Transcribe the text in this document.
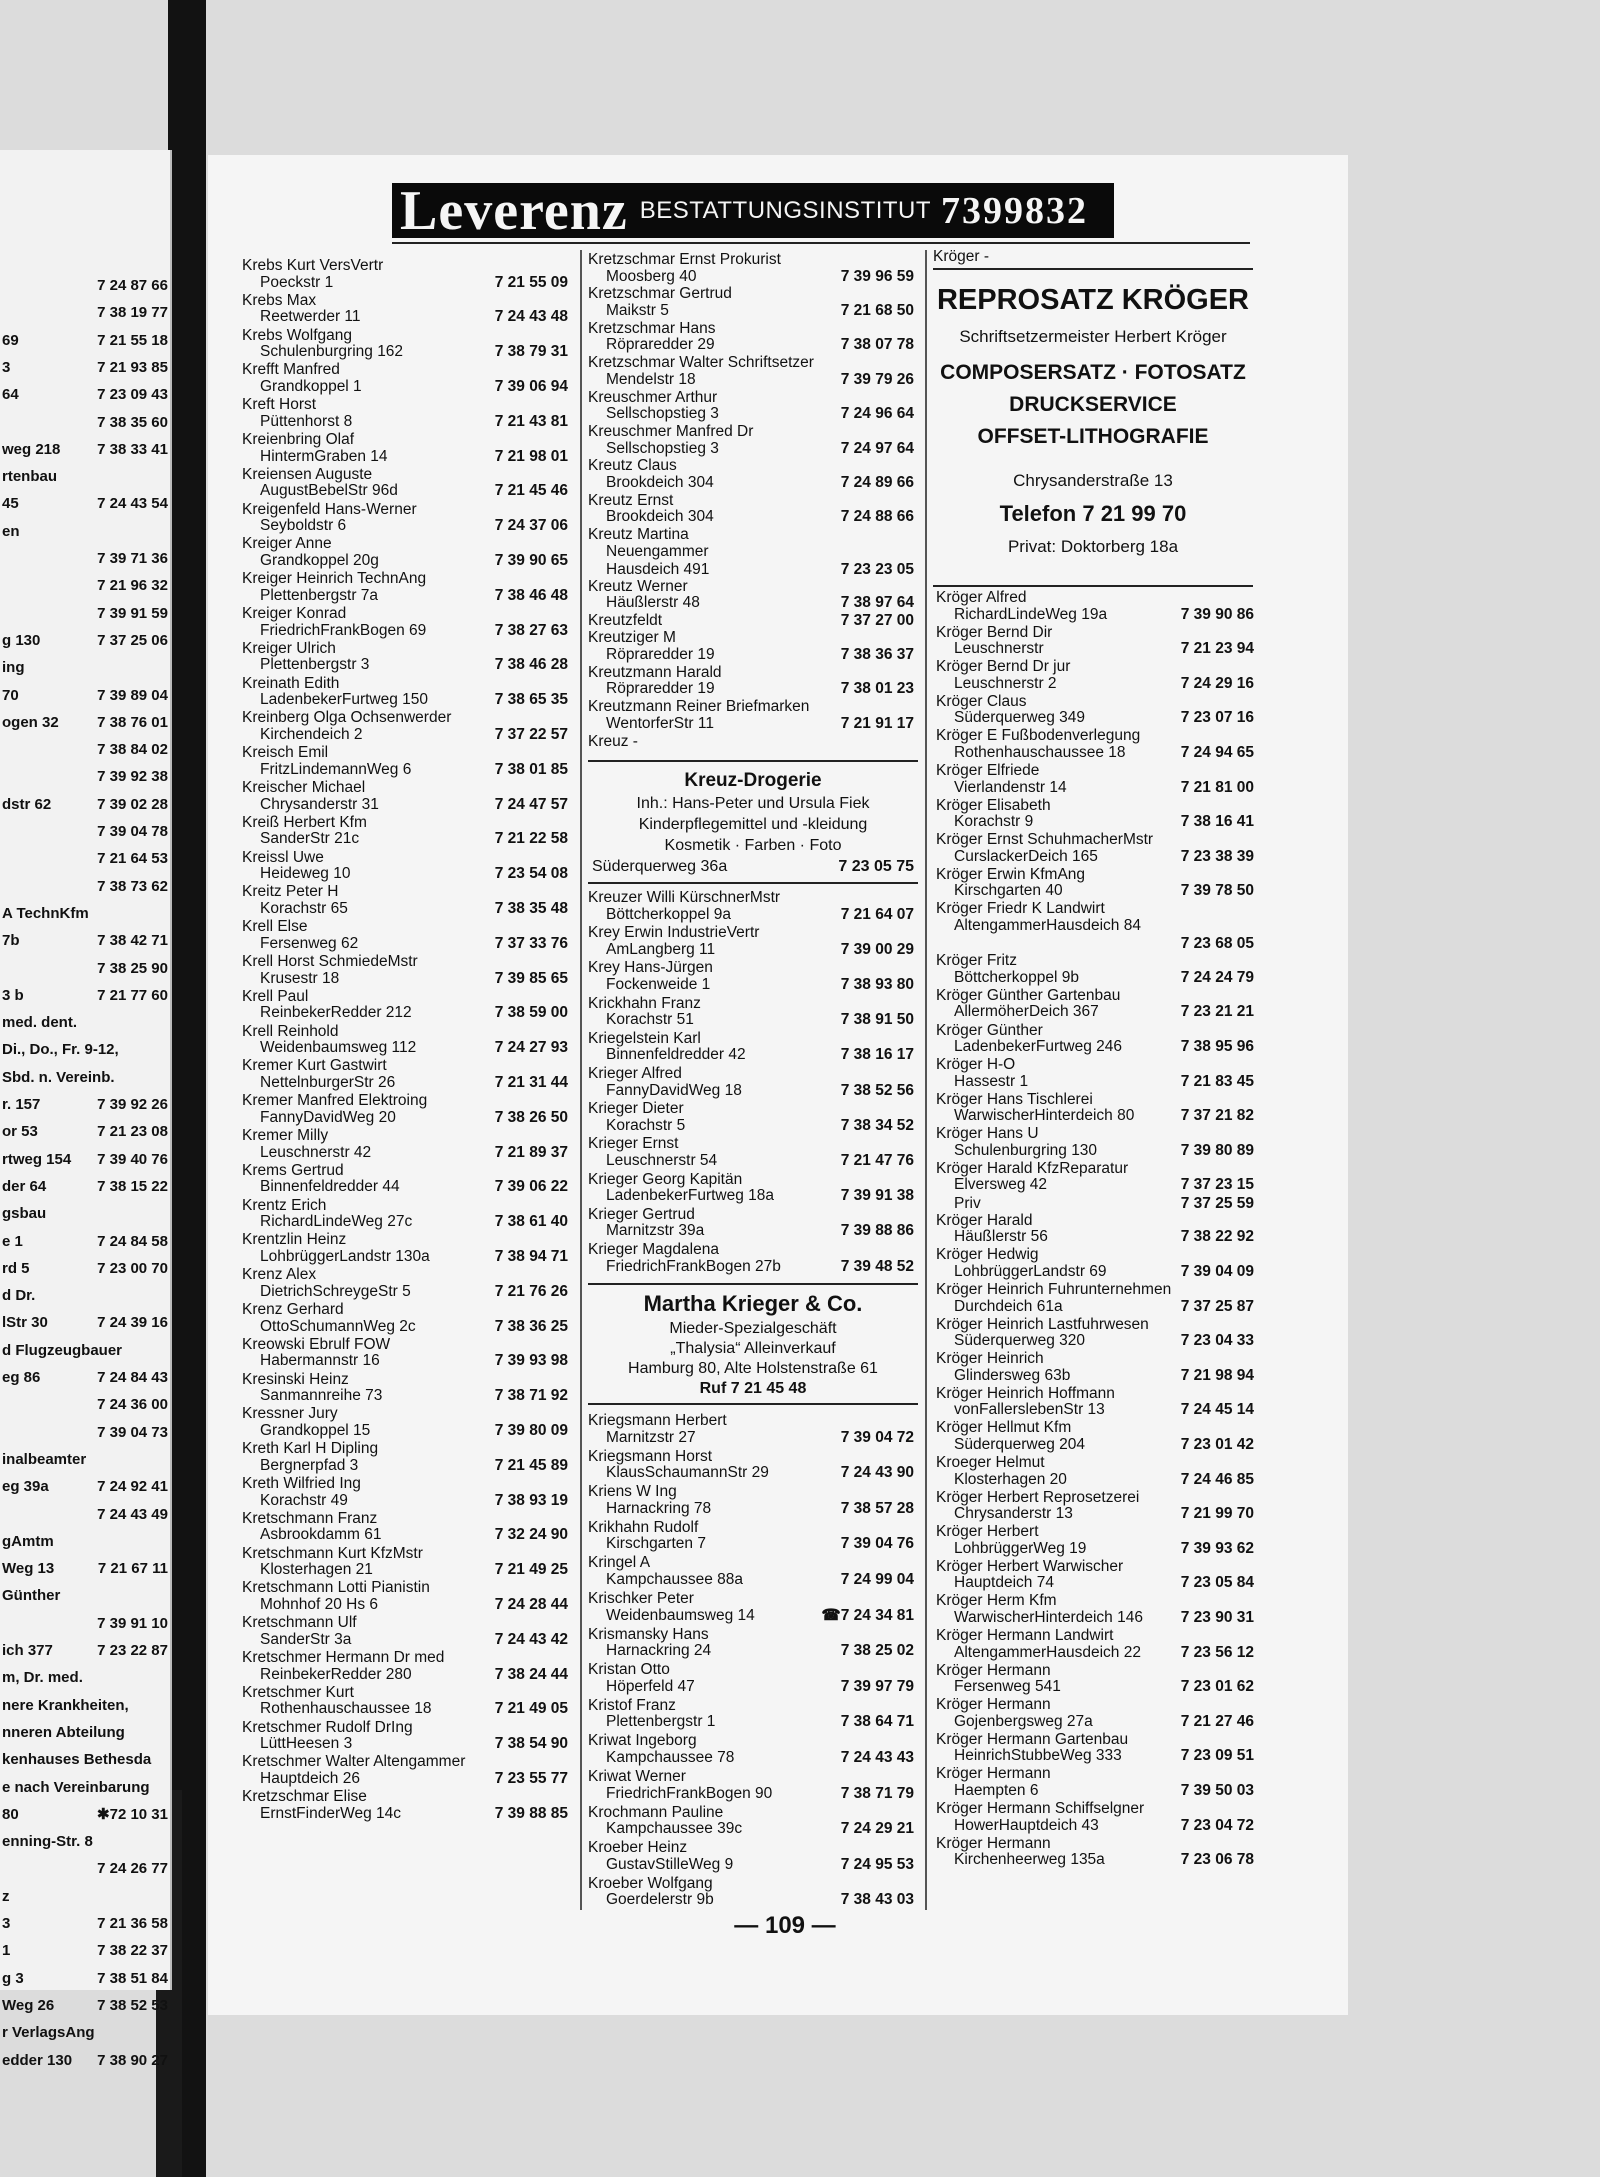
7 24 87 66
7 38 19 77
69	7 21 55 18
3	7 21 93 85
64	7 23 09 43
7 38 35 60
weg 218 7 38 33 41
rtenbau
45	7 24 43 54
en
7 39 71 36
7 21 96 32
7 39 91 59
g 130	7 37 25 06
ing
70	7 39 89 04
ogen 32	7 38 76 01
7 38 84 02
7 39 92 38
dstr 62	7 39 02 28
7 39 04 78
7 21 64 53
7 38 73 62
A TechnKfm
7b	7 38 42 71
7 38 25 90
3 b	7 21 77 60
med. dent.
Di., Do., Fr. 9-12,
Sbd. n. Vereinb.
r. 157	7 39 92 26
or 53	7 21 23 08
rtweg 154 7 39 40 76
der 64	7 38 15 22
gsbau
e 1	7 24 84 58
rd 5	7 23 00 70
d Dr.
lStr 30	7 24 39 16
d Flugzeugbauer
eg 86	7 24 84 43
7 24 36 00
7 39 04 73
inalbeamter
eg 39a	7 24 92 41
7 24 43 49
gAmtm
Weg 13	7 21 67 11
Günther
7 39 91 10
ich 377	7 23 22 87
m, Dr. med.
nere Krankheiten,
nneren Abteilung
kenhauses Bethesda
e nach Vereinbarung
80	✱72 10 31
enning-Str. 8
7 24 26 77
z
3	7 21 36 58
1	7 38 22 37
g 3	7 38 51 84
Weg 26	7 38 52 53
r VerlagsAng
edder 130 7 38 90 27
Leverenz BESTATTUNGSINSTITUT 7399832
Krebs Kurt VersVertr
Poeckstr 1	7 21 55 09
Krebs Max
Reetwerder 11	7 24 43 48
Krebs Wolfgang
Schulenburgring 162	7 38 79 31
Krefft Manfred
Grandkoppel 1	7 39 06 94
Kreft Horst
Püttenhorst 8	7 21 43 81
Kreienbring Olaf
HintermGraben 14	7 21 98 01
Kreiensen Auguste
AugustBebelStr 96d	7 21 45 46
Kreigenfeld Hans-Werner
Seyboldstr 6	7 24 37 06
Kreiger Anne
Grandkoppel 20g	7 39 90 65
Kreiger Heinrich TechnAng
Plettenbergstr 7a	7 38 46 48
Kreiger Konrad
FriedrichFrankBogen 69	7 38 27 63
Kreiger Ulrich
Plettenbergstr 3	7 38 46 28
Kreinath Edith
LadenbekerFurtweg 150	7 38 65 35
Kreinberg Olga Ochsenwerder
Kirchendeich 2	7 37 22 57
Kreisch Emil
FritzLindemannWeg 6	7 38 01 85
Kreischer Michael
Chrysanderstr 31	7 24 47 57
Kreiß Herbert Kfm
SanderStr 21c	7 21 22 58
Kreissl Uwe
Heideweg 10	7 23 54 08
Kreitz Peter H
Korachstr 65	7 38 35 48
Krell Else
Fersenweg 62	7 37 33 76
Krell Horst SchmiedeMstr
Krusestr 18	7 39 85 65
Krell Paul
ReinbekerRedder 212	7 38 59 00
Krell Reinhold
Weidenbaumsweg 112	7 24 27 93
Kremer Kurt Gastwirt
NettelnburgerStr 26	7 21 31 44
Kremer Manfred Elektroing
FannyDavidWeg 20	7 38 26 50
Kremer Milly
Leuschnerstr 42	7 21 89 37
Krems Gertrud
Binnenfeldredder 44	7 39 06 22
Krentz Erich
RichardLindeWeg 27c	7 38 61 40
Krentzlin Heinz
LohbrüggerLandstr 130a	7 38 94 71
Krenz Alex
DietrichSchreygeStr 5	7 21 76 26
Krenz Gerhard
OttoSchumannWeg 2c	7 38 36 25
Kreowski Ebrulf FOW
Habermannstr 16	7 39 93 98
Kresinski Heinz
Sanmannreihe 73	7 38 71 92
Kressner Jury
Grandkoppel 15	7 39 80 09
Kreth Karl H Dipling
Bergnerpfad 3	7 21 45 89
Kreth Wilfried Ing
Korachstr 49	7 38 93 19
Kretschmann Franz
Asbrookdamm 61	7 32 24 90
Kretschmann Kurt KfzMstr
Klosterhagen 21	7 21 49 25
Kretschmann Lotti Pianistin
Mohnhof 20 Hs 6	7 24 28 44
Kretschmann Ulf
SanderStr 3a	7 24 43 42
Kretschmer Hermann Dr med
ReinbekerRedder 280	7 38 24 44
Kretschmer Kurt
Rothenhauschaussee 18	7 21 49 05
Kretschmer Rudolf DrIng
LüttHeesen 3	7 38 54 90
Kretschmer Walter Altengammer
Hauptdeich 26	7 23 55 77
Kretzschmar Elise
ErnstFinderWeg 14c	7 39 88 85
Kretzschmar Ernst Prokurist
Moosberg 40	7 39 96 59
Kretzschmar Gertrud
Maikstr 5	7 21 68 50
Kretzschmar Hans
Röpraredder 29	7 38 07 78
Kretzschmar Walter Schriftsetzer
Mendelstr 18	7 39 79 26
Kreuschmer Arthur
Sellschopstieg 3	7 24 96 64
Kreuschmer Manfred Dr
Sellschopstieg 3	7 24 97 64
Kreutz Claus
Brookdeich 304	7 24 89 66
Kreutz Ernst
Brookdeich 304	7 24 88 66
Kreutz Martina
Neuengammer
Hausdeich 491	7 23 23 05
Kreutz Werner
Häußlerstr 48	7 38 97 64
Kreutzfeldt	7 37 27 00
Kreutziger M
Röpraredder 19	7 38 36 37
Kreutzmann Harald
Röpraredder 19	7 38 01 23
Kreutzmann Reiner Briefmarken
WentorferStr 11	7 21 91 17
Kreuz -
Kreuz-Drogerie
Inh.: Hans-Peter und Ursula Fiek
Kinderpflegemittel und -kleidung
Kosmetik · Farben · Foto
Süderquerweg 36a	7 23 05 75
Kreuzer Willi KürschnerMstr
Böttcherkoppel 9a	7 21 64 07
Krey Erwin IndustrieVertr
AmLangberg 11	7 39 00 29
Krey Hans-Jürgen
Fockenweide 1	7 38 93 80
Krickhahn Franz
Korachstr 51	7 38 91 50
Kriegelstein Karl
Binnenfeldredder 42	7 38 16 17
Krieger Alfred
FannyDavidWeg 18	7 38 52 56
Krieger Dieter
Korachstr 5	7 38 34 52
Krieger Ernst
Leuschnerstr 54	7 21 47 76
Krieger Georg Kapitän
LadenbekerFurtweg 18a	7 39 91 38
Krieger Gertrud
Marnitzstr 39a	7 39 88 86
Krieger Magdalena
FriedrichFrankBogen 27b	7 39 48 52
Martha Krieger & Co.
Mieder-Spezialgeschäft
„Thalysia“ Alleinverkauf
Hamburg 80, Alte Holstenstraße 61
Ruf 7 21 45 48
Kriegsmann Herbert
Marnitzstr 27	7 39 04 72
Kriegsmann Horst
KlausSchaumannStr 29	7 24 43 90
Kriens W Ing
Harnackring 78	7 38 57 28
Krikhahn Rudolf
Kirschgarten 7	7 39 04 76
Kringel A
Kampchaussee 88a	7 24 99 04
Krischker Peter
Weidenbaumsweg 14	☎7 24 34 81
Krismansky Hans
Harnackring 24	7 38 25 02
Kristan Otto
Höperfeld 47	7 39 97 79
Kristof Franz
Plettenbergstr 1	7 38 64 71
Kriwat Ingeborg
Kampchaussee 78	7 24 43 43
Kriwat Werner
FriedrichFrankBogen 90	7 38 71 79
Krochmann Pauline
Kampchaussee 39c	7 24 29 21
Kroeber Heinz
GustavStilleWeg 9	7 24 95 53
Kroeber Wolfgang
Goerdelerstr 9b	7 38 43 03
Kröger -
REPROSATZ KRÖGER
Schriftsetzermeister Herbert Kröger
COMPOSERSATZ · FOTOSATZ
DRUCKSERVICE
OFFSET-LITHOGRAFIE
Chrysanderstraße 13
Telefon 7 21 99 70
Privat: Doktorberg 18a
Kröger Alfred
RichardLindeWeg 19a	7 39 90 86
Kröger Bernd Dir
Leuschnerstr	7 21 23 94
Kröger Bernd Dr jur
Leuschnerstr 2	7 24 29 16
Kröger Claus
Süderquerweg 349	7 23 07 16
Kröger E Fußbodenverlegung
Rothenhauschaussee 18	7 24 94 65
Kröger Elfriede
Vierlandenstr 14	7 21 81 00
Kröger Elisabeth
Korachstr 9	7 38 16 41
Kröger Ernst SchuhmacherMstr
CurslackerDeich 165	7 23 38 39
Kröger Erwin KfmAng
Kirschgarten 40	7 39 78 50
Kröger Friedr K Landwirt
AltengammerHausdeich 84
7 23 68 05
Kröger Fritz
Böttcherkoppel 9b	7 24 24 79
Kröger Günther Gartenbau
AllermöherDeich 367	7 23 21 21
Kröger Günther
LadenbekerFurtweg 246	7 38 95 96
Kröger H-O
Hassestr 1	7 21 83 45
Kröger Hans Tischlerei
WarwischerHinterdeich 80	7 37 21 82
Kröger Hans U
Schulenburgring 130	7 39 80 89
Kröger Harald KfzReparatur
Elversweg 42	7 37 23 15
Priv	7 37 25 59
Kröger Harald
Häußlerstr 56	7 38 22 92
Kröger Hedwig
LohbrüggerLandstr 69	7 39 04 09
Kröger Heinrich Fuhrunternehmen
Durchdeich 61a	7 37 25 87
Kröger Heinrich Lastfuhrwesen
Süderquerweg 320	7 23 04 33
Kröger Heinrich
Glindersweg 63b	7 21 98 94
Kröger Heinrich Hoffmann
vonFallerslebenStr 13	7 24 45 14
Kröger Hellmut Kfm
Süderquerweg 204	7 23 01 42
Kroeger Helmut
Klosterhagen 20	7 24 46 85
Kröger Herbert Reprosetzerei
Chrysanderstr 13	7 21 99 70
Kröger Herbert
LohbrüggerWeg 19	7 39 93 62
Kröger Herbert Warwischer
Hauptdeich 74	7 23 05 84
Kröger Herm Kfm
WarwischerHinterdeich 146	7 23 90 31
Kröger Hermann Landwirt
AltengammerHausdeich 22	7 23 56 12
Kröger Hermann
Fersenweg 541	7 23 01 62
Kröger Hermann
Gojenbergsweg 27a	7 21 27 46
Kröger Hermann Gartenbau
HeinrichStubbeWeg 333	7 23 09 51
Kröger Hermann
Haempten 6	7 39 50 03
Kröger Hermann Schiffselgner
HowerHauptdeich 43	7 23 04 72
Kröger Hermann
Kirchenheerweg 135a	7 23 06 78
— 109 —
